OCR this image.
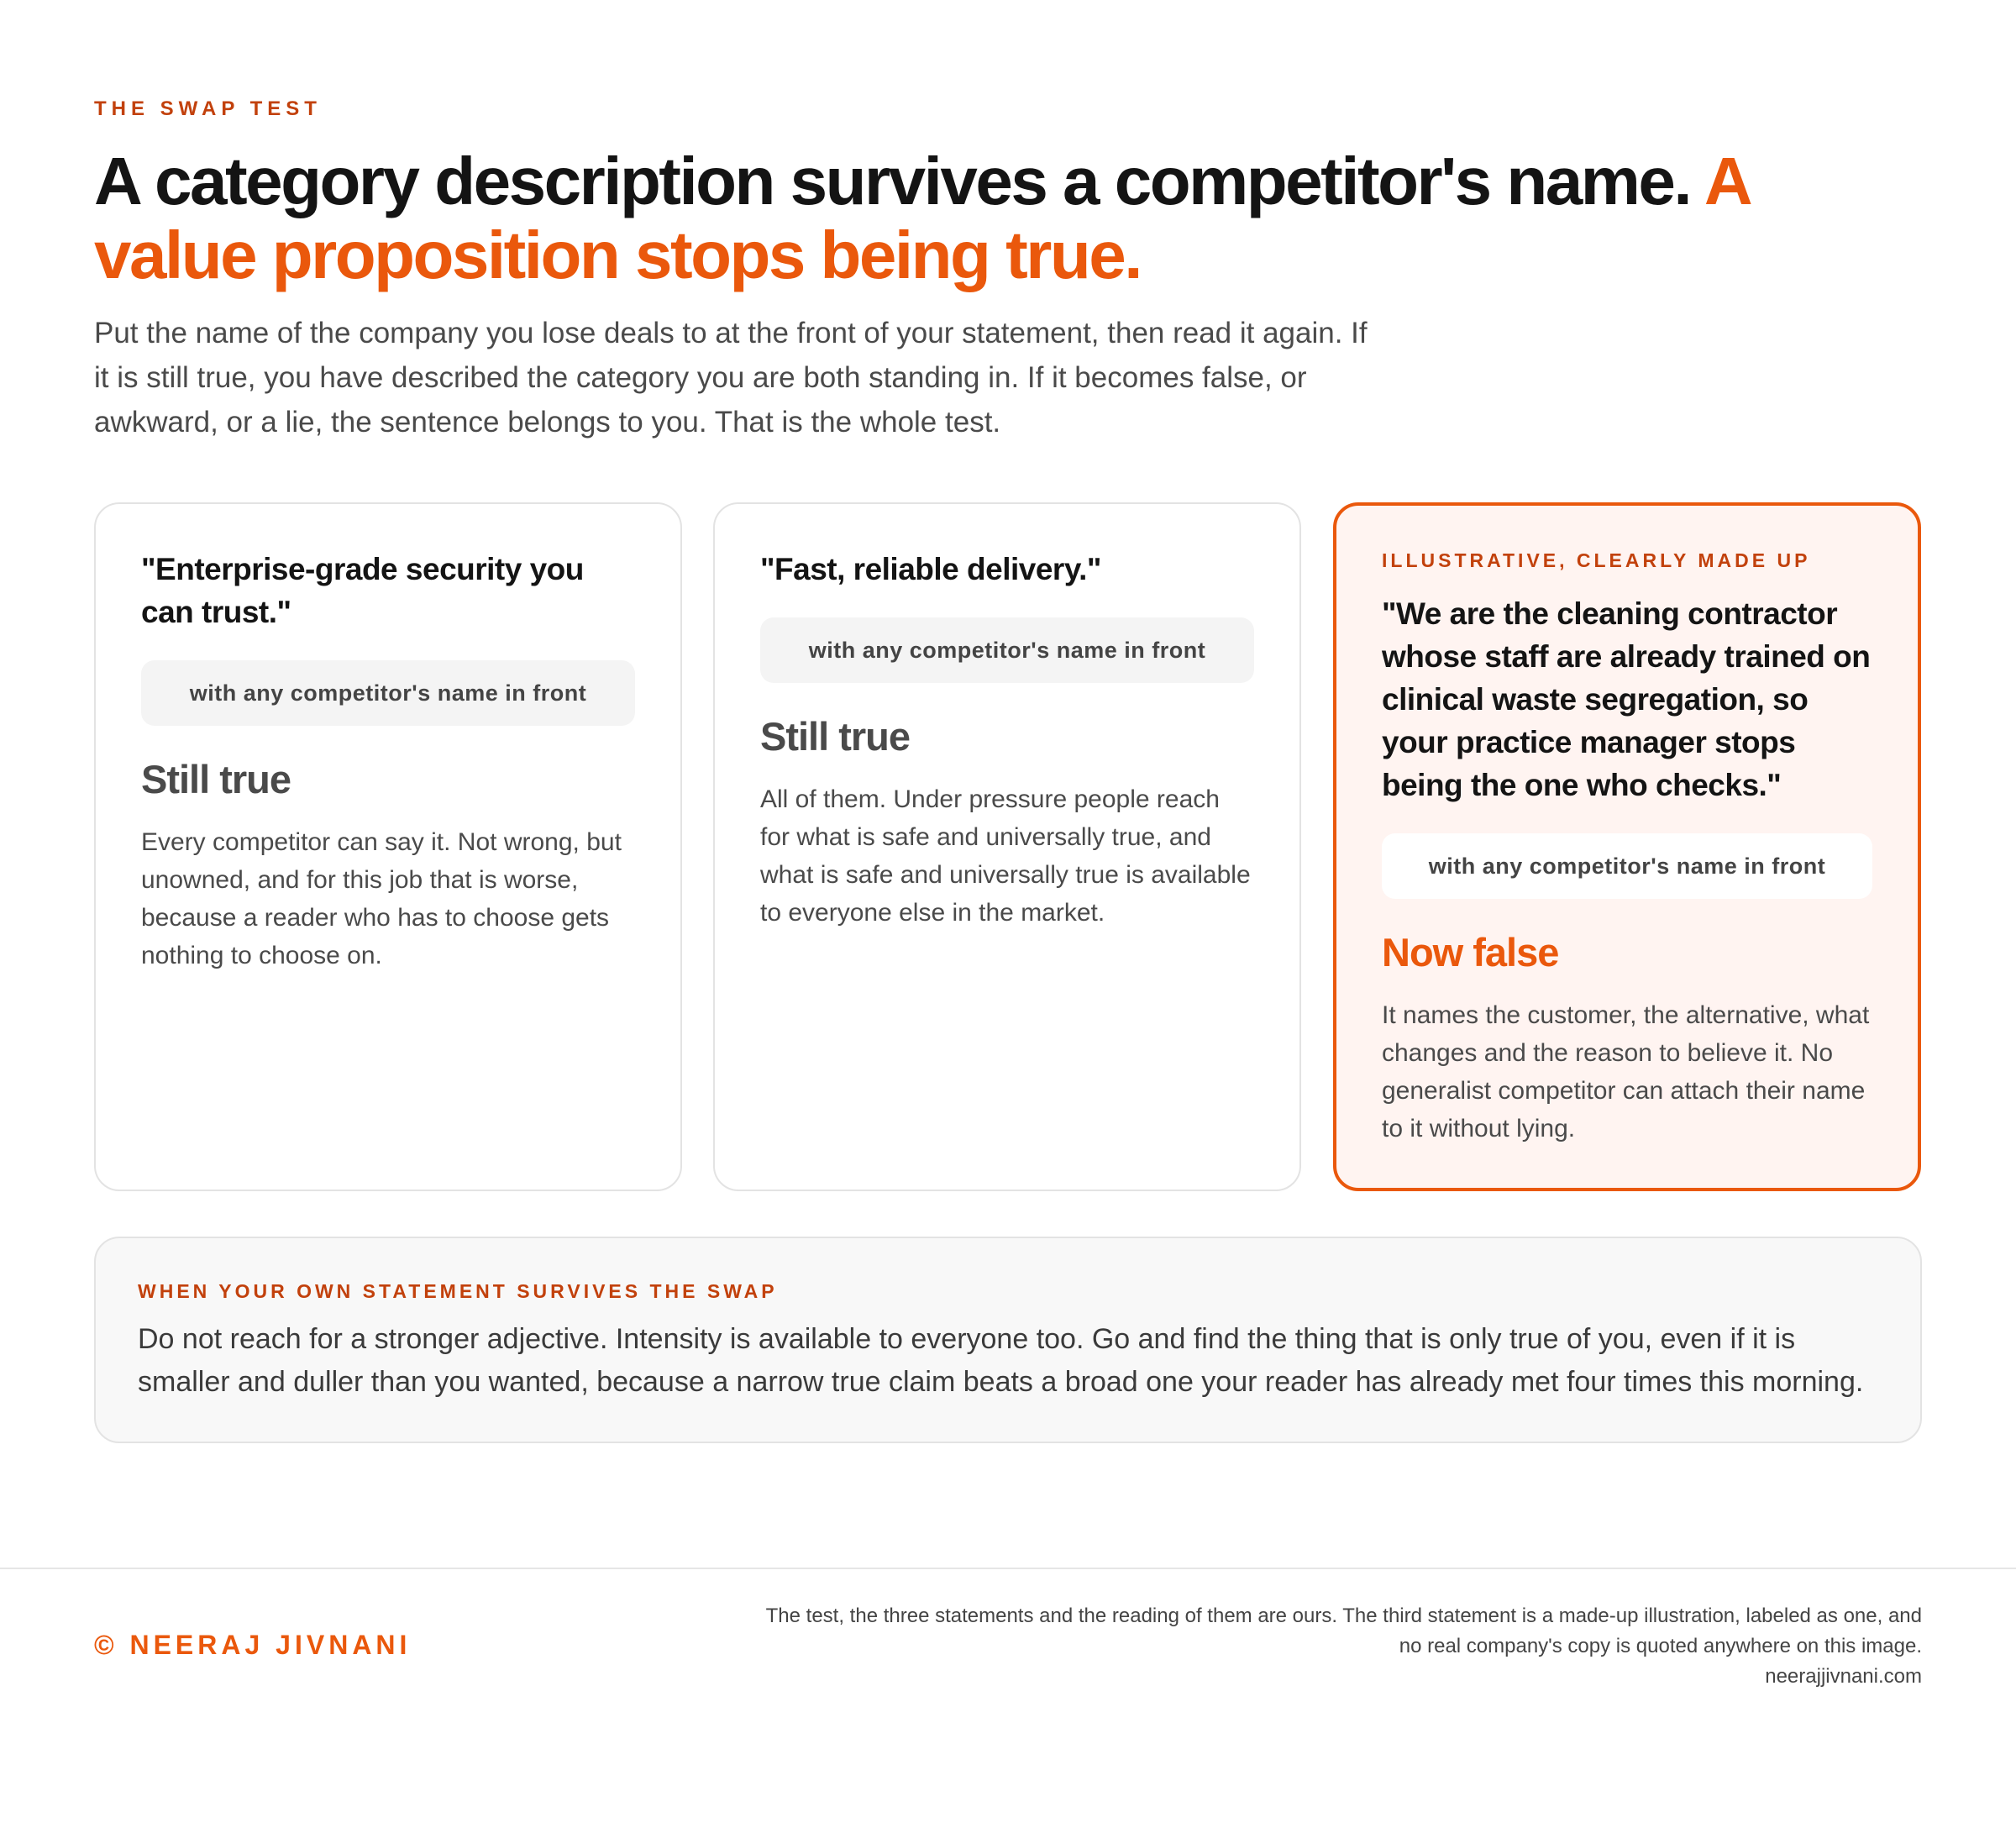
THE SWAP TEST
A category description survives a competitor's name. A value proposition stops being true.

Put the name of the company you lose deals to at the front of your statement, then read it again. If it is still true, you have described the category you are both standing in. If it becomes false, or awkward, or a lie, the sentence belongs to you. That is the whole test.

"Enterprise-grade security you can trust."

with any competitor's name in front

Still true

Every competitor can say it. Not wrong, but unowned, and for this job that is worse, because a reader who has to choose gets nothing to choose on.

"Fast, reliable delivery."

with any competitor's name in front

Still true

All of them. Under pressure people reach for what is safe and universally true, and what is safe and universally true is available to everyone else in the market.

ILLUSTRATIVE, CLEARLY MADE UP

"We are the cleaning contractor whose staff are already trained on clinical waste segregation, so your practice manager stops being the one who checks."

with any competitor's name in front

Now false

It names the customer, the alternative, what changes and the reason to believe it. No generalist competitor can attach their name to it without lying.

WHEN YOUR OWN STATEMENT SURVIVES THE SWAP

Do not reach for a stronger adjective. Intensity is available to everyone too. Go and find the thing that is only true of you, even if it is smaller and duller than you wanted, because a narrow true claim beats a broad one your reader has already met four times this morning.

© NEERAJ JIVNANI

The test, the three statements and the reading of them are ours. The third statement is a made-up illustration, labeled as one, and no real company's copy is quoted anywhere on this image.

neerajjivnani.com
